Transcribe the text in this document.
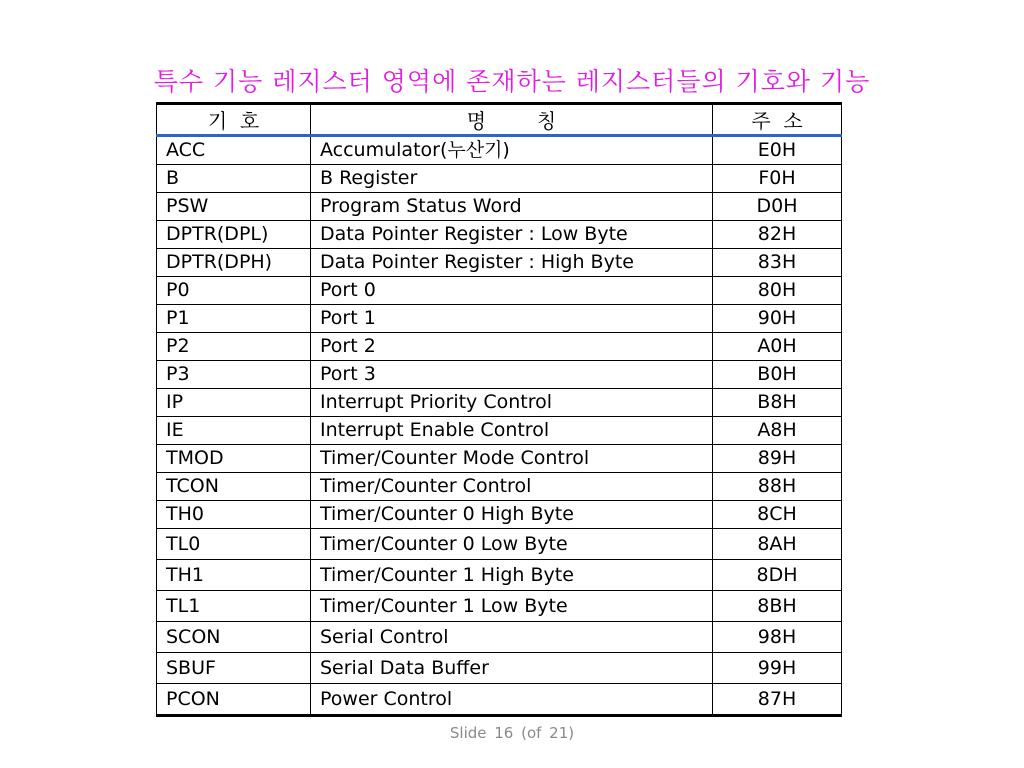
특수 기능 레지스터 영역에 존재하는 레지스터들의 기호와 기능
기  호	명        칭	주  소
ACC	Accumulator(누산기)	E0H
B	B Register	F0H
PSW	Program Status Word	D0H
DPTR(DPL)	Data Pointer Register : Low Byte	82H
DPTR(DPH)	Data Pointer Register : High Byte	83H
P0	Port 0	80H
P1	Port 1	90H
P2	Port 2	A0H
P3	Port 3	B0H
IP	Interrupt Priority Control	B8H
IE	Interrupt Enable Control	A8H
TMOD	Timer/Counter Mode Control	89H
TCON	Timer/Counter Control	88H
TH0	Timer/Counter 0 High Byte	8CH
TL0	Timer/Counter 0 Low Byte	8AH
TH1	Timer/Counter 1 High Byte	8DH
TL1	Timer/Counter 1 Low Byte	8BH
SCON	Serial Control	98H
SBUF	Serial Data Buffer	99H
PCON	Power Control	87H
Slide 16 (of 21)
